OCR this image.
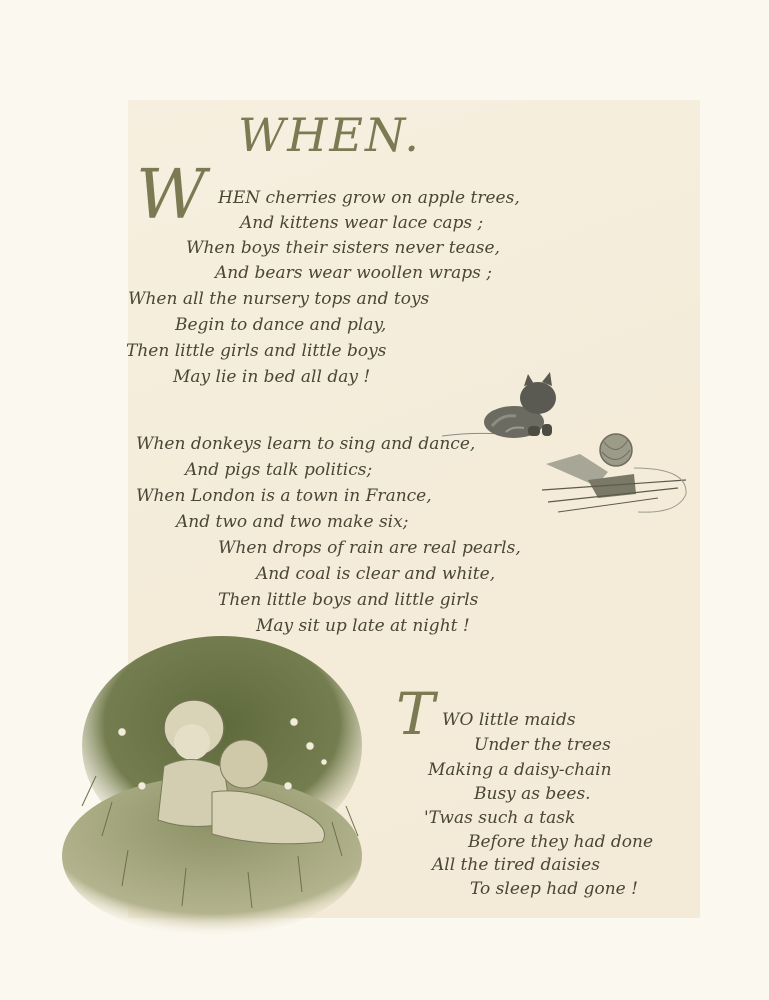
WHEN.
W HEN cherries grow on apple trees,
And kittens wear lace caps ;
When boys their sisters never tease,
And bears wear woollen wraps ;
When all the nursery tops and toys
Begin to dance and play,
Then little girls and little boys
May lie in bed all day !
When donkeys learn to sing and dance,
And pigs talk politics;
When London is a town in France,
And two and two make six;
When drops of rain are real pearls,
And coal is clear and white,
Then little boys and little girls
May sit up late at night !
T WO little maids
Under the trees
Making a daisy-chain
Busy as bees.
'Twas such a task
Before they had done
All the tired daisies
To sleep had gone !
